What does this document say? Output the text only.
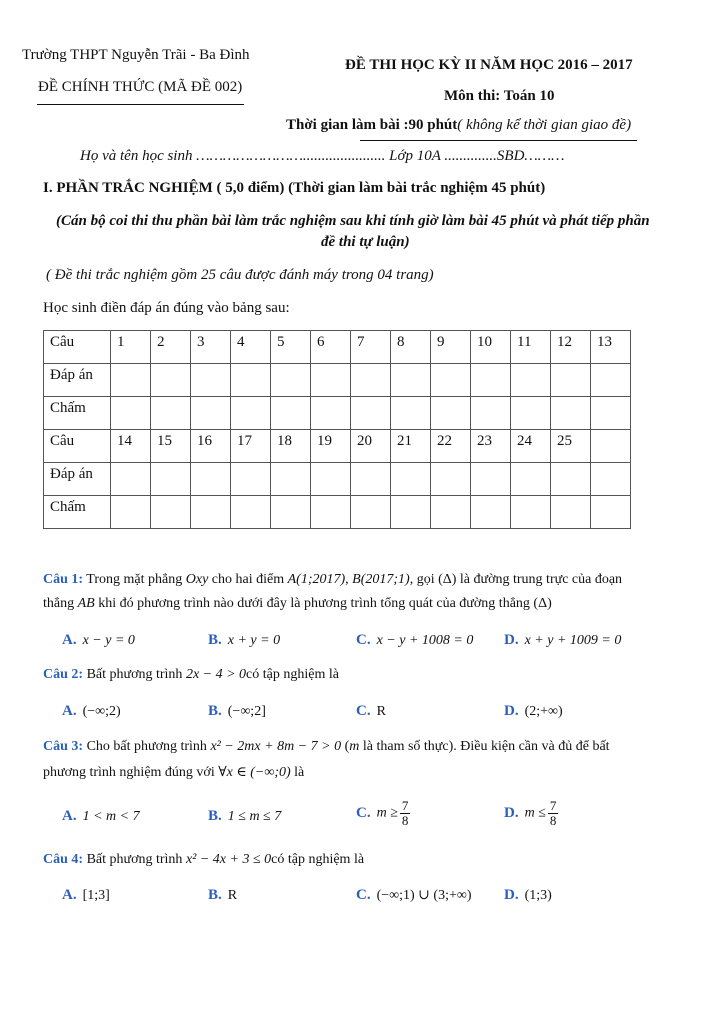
Trường THPT Nguyễn Trãi - Ba Đình
ĐỀ CHÍNH THỨC (MÃ ĐỀ 002)
ĐỀ THI HỌC KỲ II NĂM HỌC 2016 – 2017
Môn thi: Toán 10
Thời gian làm bài :90 phút( không kể thời gian giao đề)
Họ và tên học sinh ……………………...................... Lớp 10A ..............SBD………
I. PHẦN TRẮC NGHIỆM ( 5,0 điểm) (Thời gian làm bài trắc nghiệm 45 phút)
(Cán bộ coi thi thu phần bài làm trắc nghiệm sau khi tính giờ làm bài 45 phút và phát tiếp phần
đề thi tự luận)
( Đề thi trắc nghiệm gồm 25 câu được đánh máy trong 04 trang)
Học sinh điền đáp án đúng vào bảng sau:
Câu	1	2	3	4	5	6	7	8	9	10	11	12	13
Đáp án													
Chấm													
Câu	14	15	16	17	18	19	20	21	22	23	24	25	
Đáp án													
Chấm													
Câu 1: Trong mặt phẳng Oxy cho hai điểm A(1;2017), B(2017;1), gọi (Δ) là đường trung trực của đoạn
thẳng AB khi đó phương trình nào dưới đây là phương trình tổng quát của đường thẳng (Δ)
A. x − y = 0	B. x + y = 0	C. x − y + 1008 = 0 D. x + y + 1009 = 0
Câu 2: Bất phương trình 2x − 4 > 0có tập nghiệm là
A. (−∞;2)	B. (−∞;2]	C. R	D. (2;+∞)
Câu 3: Cho bất phương trình x² − 2mx + 8m − 7 > 0 (m là tham số thực). Điều kiện cần và đủ để bất
phương trình nghiệm đúng với ∀x ∈ (−∞;0) là
A. 1 < m < 7	B. 1 ≤ m ≤ 7	C. $m \ge \frac{7}{8}$	D. $m \le \frac{7}{8}$
Câu 4: Bất phương trình x² − 4x + 3 ≤ 0có tập nghiệm là
A. [1;3]	B. R	C. (−∞;1) ∪ (3;+∞) D. (1;3)
